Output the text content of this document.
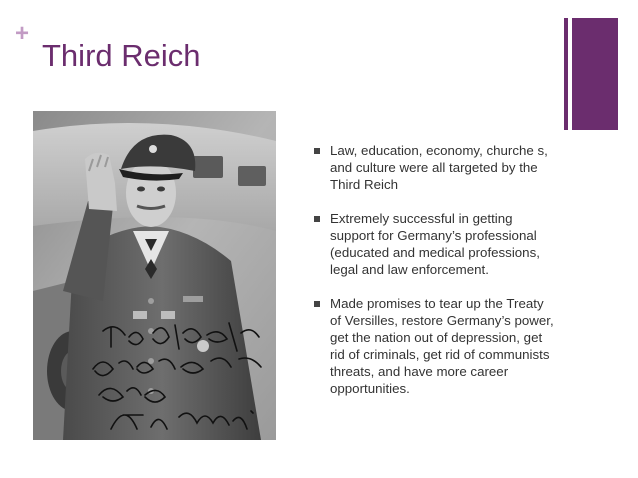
+
Third Reich
Law, education, economy, churche s, and culture were all targeted by the Third Reich
Extremely successful in getting support for Germany’s professional (educated and medical professions, legal and law enforcement.
Made promises to tear up the Treaty of Versilles, restore Germany’s power, get the nation out of depression, get rid of criminals, get rid of communists threats, and have more career opportunities.
